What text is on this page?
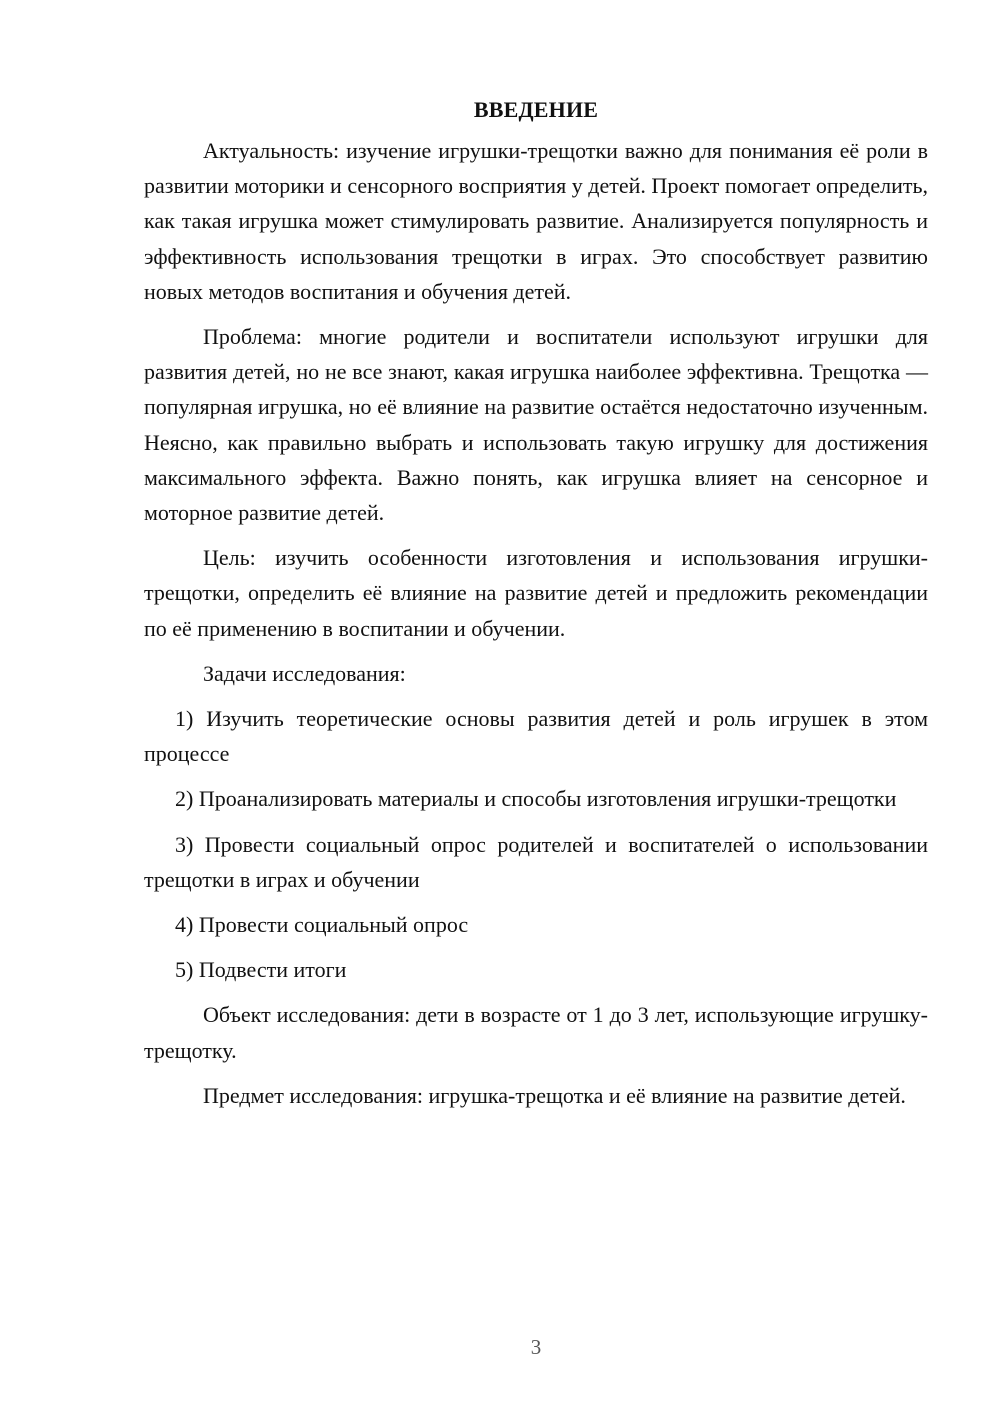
ВВЕДЕНИЕ

Актуальность: изучение игрушки-трещотки важно для понимания её роли в развитии моторики и сенсорного восприятия у детей. Проект помогает определить, как такая игрушка может стимулировать развитие. Анализируется популярность и эффективность использования трещотки в играх. Это способствует развитию новых методов воспитания и обучения детей.

Проблема: многие родители и воспитатели используют игрушки для развития детей, но не все знают, какая игрушка наиболее эффективна. Трещотка — популярная игрушка, но её влияние на развитие остаётся недостаточно изученным. Неясно, как правильно выбрать и использовать такую игрушку для достижения максимального эффекта. Важно понять, как игрушка влияет на сенсорное и моторное развитие детей.

Цель: изучить особенности изготовления и использования игрушки-трещотки, определить её влияние на развитие детей и предложить рекомендации по её применению в воспитании и обучении.

Задачи исследования:

1) Изучить теоретические основы развития детей и роль игрушек в этом процессе

2) Проанализировать материалы и способы изготовления игрушки-трещотки

3) Провести социальный опрос родителей и воспитателей о использовании трещотки в играх и обучении

4) Провести социальный опрос

5) Подвести итоги

Объект исследования: дети в возрасте от 1 до 3 лет, использующие игрушку-трещотку.

Предмет исследования: игрушка-трещотка и её влияние на развитие детей.

3
